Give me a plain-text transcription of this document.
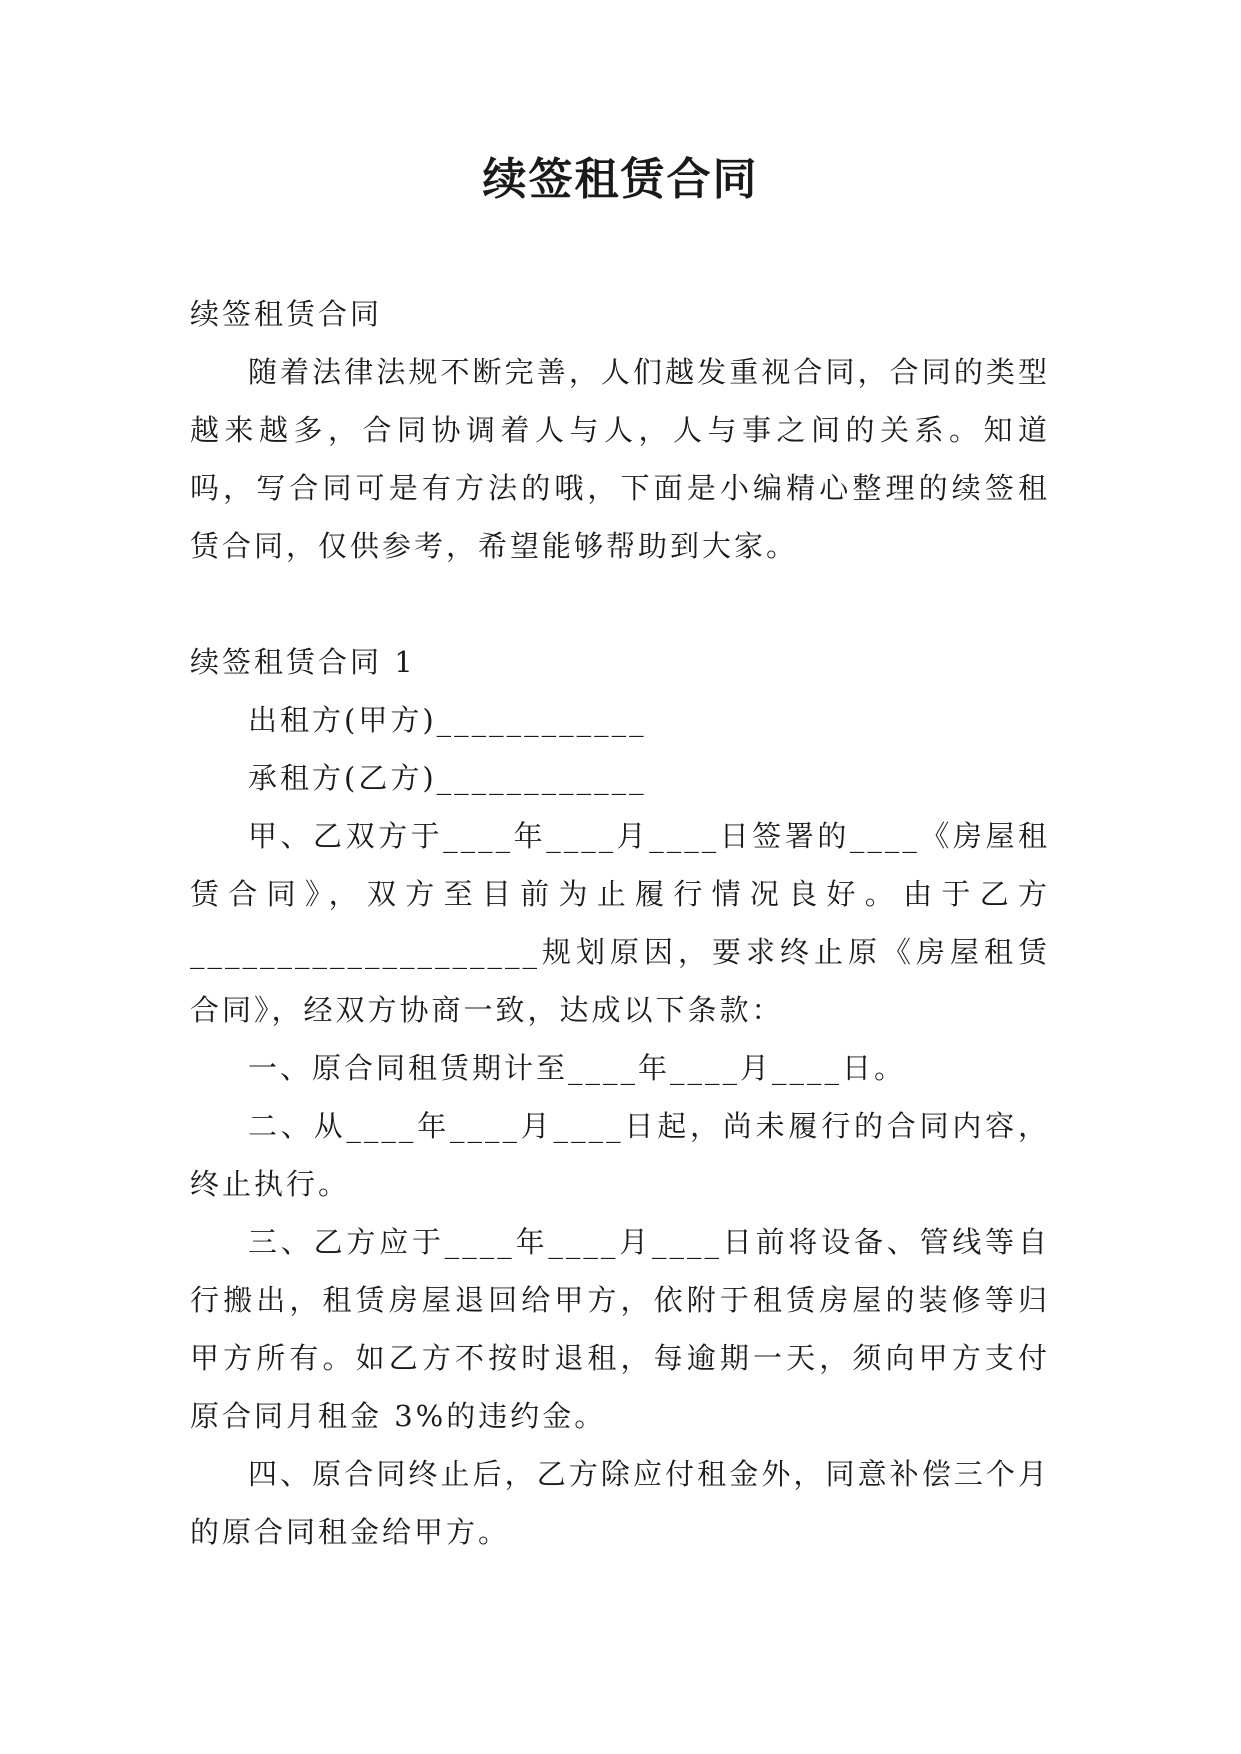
续签租赁合同

续签租赁合同

随着法律法规不断完善，人们越发重视合同，合同的类型越来越多，合同协调着人与人，人与事之间的关系。知道吗，写合同可是有方法的哦，下面是小编精心整理的续签租赁合同，仅供参考，希望能够帮助到大家。

续签租赁合同 1

出租方(甲方)____________

承租方(乙方)____________

甲、乙双方于____年____月____日签署的____《房屋租赁合同》，双方至目前为止履行情况良好。由于乙方____________________规划原因，要求终止原《房屋租赁合同》，经双方协商一致，达成以下条款：

一、原合同租赁期计至____年____月____日。

二、从____年____月____日起，尚未履行的合同内容，终止执行。

三、乙方应于____年____月____日前将设备、管线等自行搬出，租赁房屋退回给甲方，依附于租赁房屋的装修等归甲方所有。如乙方不按时退租，每逾期一天，须向甲方支付原合同月租金 3%的违约金。

四、原合同终止后，乙方除应付租金外，同意补偿三个月的原合同租金给甲方。
